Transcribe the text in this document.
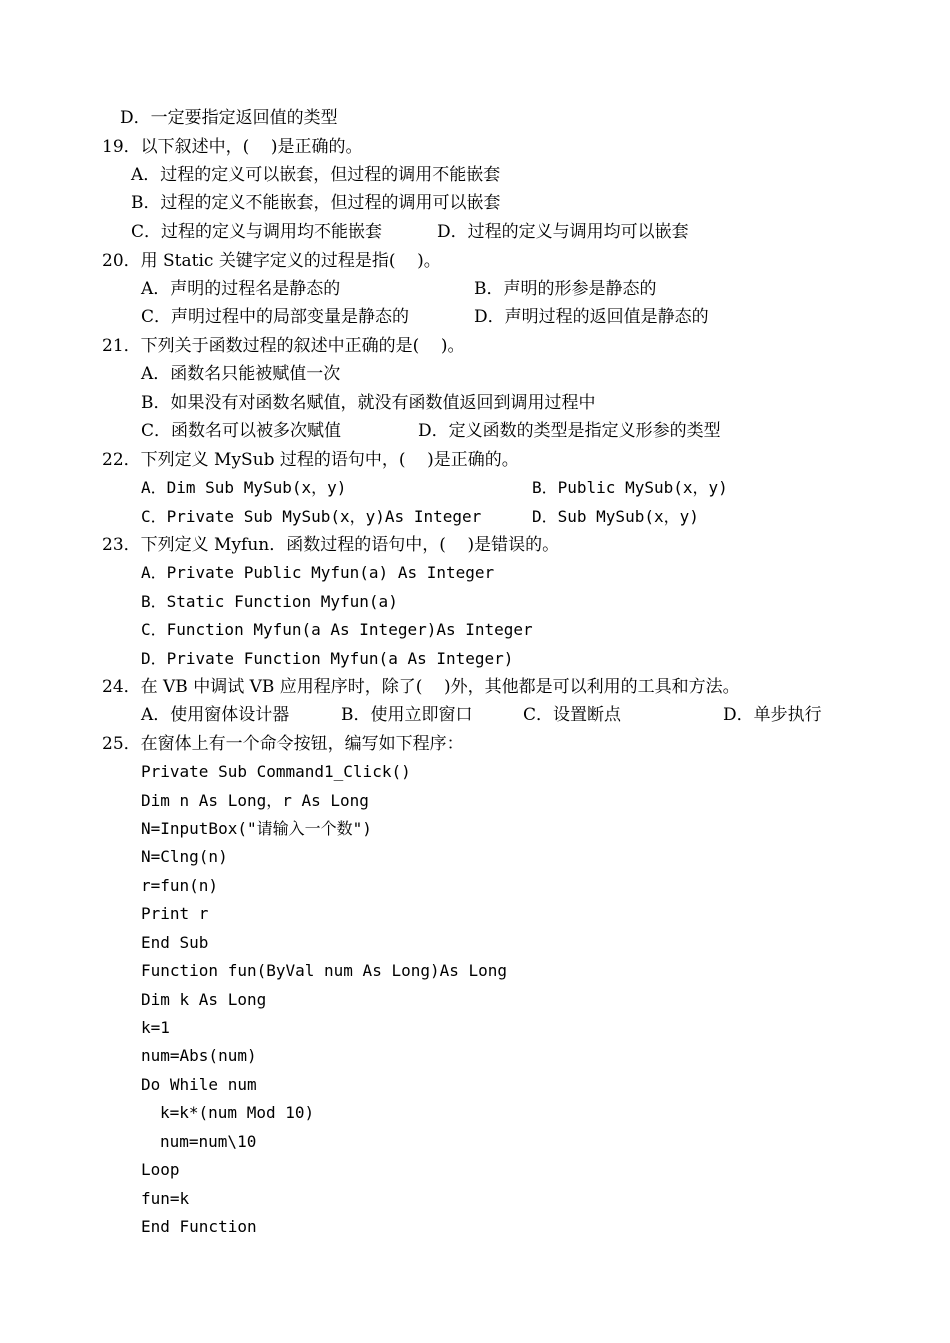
D．一定要指定返回值的类型
19．以下叙述中，(    )是正确的。
A．过程的定义可以嵌套，但过程的调用不能嵌套
B．过程的定义不能嵌套，但过程的调用可以嵌套
C．过程的定义与调用均不能嵌套	D．过程的定义与调用均可以嵌套
20．用 Static 关键字定义的过程是指(    )。
A．声明的过程名是静态的	B．声明的形参是静态的
C．声明过程中的局部变量是静态的	D．声明过程的返回值是静态的
21．下列关于函数过程的叙述中正确的是(    )。
A．函数名只能被赋值一次
B．如果没有对函数名赋值，就没有函数值返回到调用过程中
C．函数名可以被多次赋值	D．定义函数的类型是指定义形参的类型
22．下列定义 MySub 过程的语句中，(    )是正确的。
A．Dim Sub MySub(x，y)	B．Public MySub(x，y)
C．Private Sub MySub(x，y)As Integer	D．Sub MySub(x，y)
23．下列定义 Myfun．函数过程的语句中，(    )是错误的。
A．Private Public Myfun(a) As Integer
B．Static Function Myfun(a)
C．Function Myfun(a As Integer)As Integer
D．Private Function Myfun(a As Integer)
24．在 VB 中调试 VB 应用程序时，除了(    )外，其他都是可以利用的工具和方法。
A．使用窗体设计器	B．使用立即窗口	C．设置断点	D．单步执行
25．在窗体上有一个命令按钮，编写如下程序：
Private Sub Command1_Click()
Dim n As Long，r As Long
N=InputBox("请输入一个数")
N=Clng(n)
r=fun(n)
Print r
End Sub
Function fun(ByVal num As Long)As Long
Dim k As Long
k=1
num=Abs(num)
Do While num
k=k*(num Mod 10)
num=num\10
Loop
fun=k
End Function
